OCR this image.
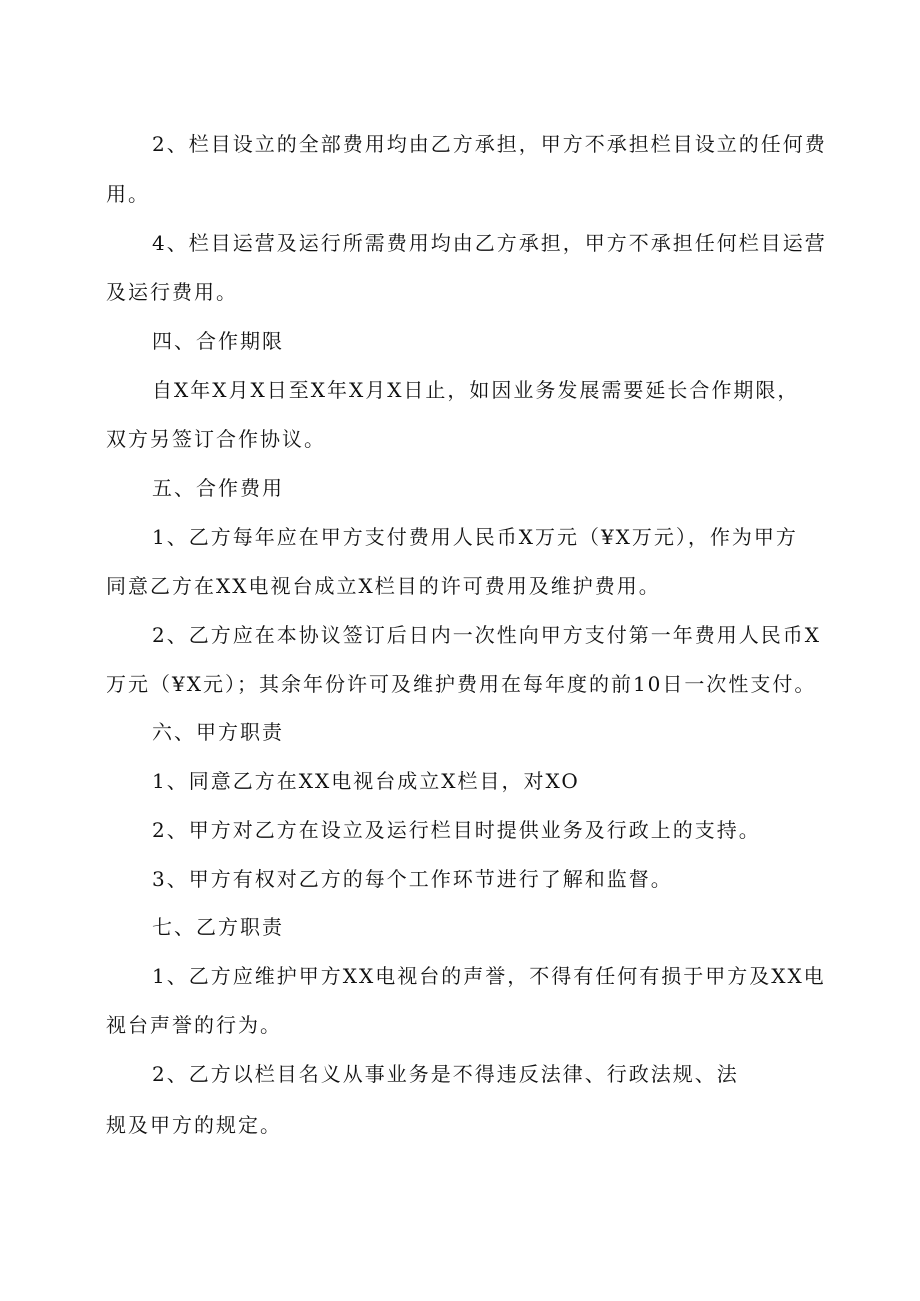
2、栏目设立的全部费用均由乙方承担，甲方不承担栏目设立的任何费
用。
4、栏目运营及运行所需费用均由乙方承担，甲方不承担任何栏目运营
及运行费用。
四、合作期限
自X年X月X日至X年X月X日止，如因业务发展需要延长合作期限，
双方另签订合作协议。
五、合作费用
1、乙方每年应在甲方支付费用人民币X万元（¥X万元），作为甲方
同意乙方在XX电视台成立X栏目的许可费用及维护费用。
2、乙方应在本协议签订后日内一次性向甲方支付第一年费用人民币X
万元（¥X元）；其余年份许可及维护费用在每年度的前10日一次性支付。
六、甲方职责
1、同意乙方在XX电视台成立X栏目，对XO
2、甲方对乙方在设立及运行栏目时提供业务及行政上的支持。
3、甲方有权对乙方的每个工作环节进行了解和监督。
七、乙方职责
1、乙方应维护甲方XX电视台的声誉，不得有任何有损于甲方及XX电
视台声誉的行为。
2、乙方以栏目名义从事业务是不得违反法律、行政法规、法
规及甲方的规定。
